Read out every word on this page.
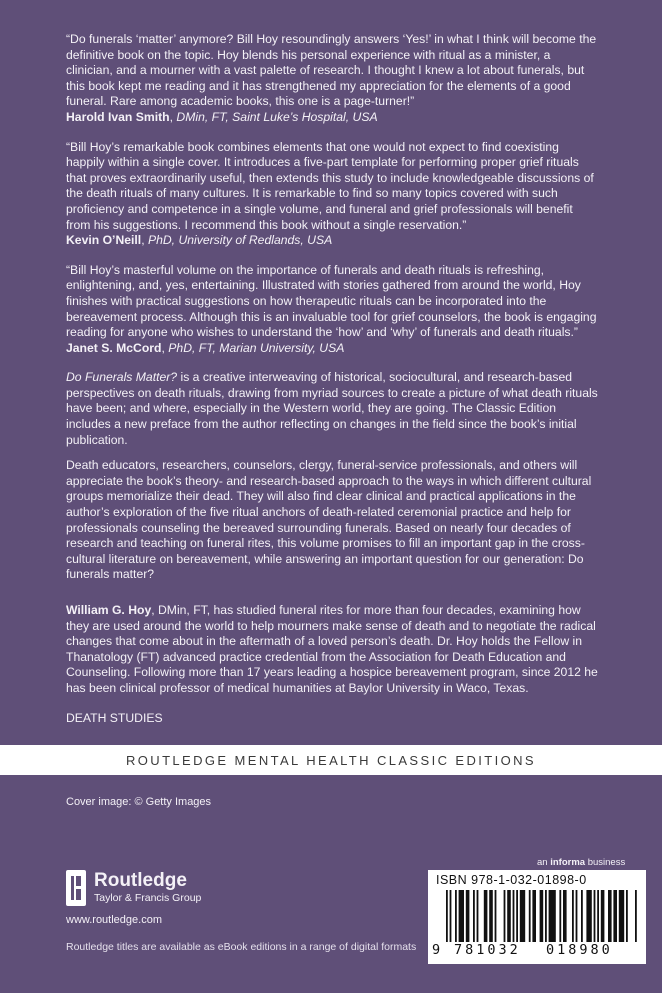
“Do funerals ‘matter’ anymore? Bill Hoy resoundingly answers ‘Yes!’ in what I think will become the definitive book on the topic. Hoy blends his personal experience with ritual as a minister, a clinician, and a mourner with a vast palette of research. I thought I knew a lot about funerals, but this book kept me reading and it has strengthened my appreciation for the elements of a good funeral. Rare among academic books, this one is a page-turner!”

Harold Ivan Smith, DMin, FT, Saint Luke’s Hospital, USA

“Bill Hoy’s remarkable book combines elements that one would not expect to find coexisting happily within a single cover. It introduces a five-part template for performing proper grief rituals that proves extraordinarily useful, then extends this study to include knowledgeable discussions of the death rituals of many cultures. It is remarkable to find so many topics covered with such proficiency and competence in a single volume, and funeral and grief professionals will benefit from his suggestions. I recommend this book without a single reservation.”

Kevin O’Neill, PhD, University of Redlands, USA

“Bill Hoy’s masterful volume on the importance of funerals and death rituals is refreshing, enlightening, and, yes, entertaining. Illustrated with stories gathered from around the world, Hoy finishes with practical suggestions on how therapeutic rituals can be incorporated into the bereavement process. Although this is an invaluable tool for grief counselors, the book is engaging reading for anyone who wishes to understand the ‘how’ and ‘why’ of funerals and death rituals.”

Janet S. McCord, PhD, FT, Marian University, USA

Do Funerals Matter? is a creative interweaving of historical, sociocultural, and research-based perspectives on death rituals, drawing from myriad sources to create a picture of what death rituals have been; and where, especially in the Western world, they are going. The Classic Edition includes a new preface from the author reflecting on changes in the field since the book’s initial publication.

Death educators, researchers, counselors, clergy, funeral-service professionals, and others will appreciate the book’s theory- and research-based approach to the ways in which different cultural groups memorialize their dead. They will also find clear clinical and practical applications in the author’s exploration of the five ritual anchors of death-related ceremonial practice and help for professionals counseling the bereaved surrounding funerals. Based on nearly four decades of research and teaching on funeral rites, this volume promises to fill an important gap in the cross-cultural literature on bereavement, while answering an important question for our generation: Do funerals matter?

William G. Hoy, DMin, FT, has studied funeral rites for more than four decades, examining how they are used around the world to help mourners make sense of death and to negotiate the radical changes that come about in the aftermath of a loved person’s death. Dr. Hoy holds the Fellow in Thanatology (FT) advanced practice credential from the Association for Death Education and Counseling. Following more than 17 years leading a hospice bereavement program, since 2012 he has been clinical professor of medical humanities at Baylor University in Waco, Texas.

DEATH STUDIES

ROUTLEDGE MENTAL HEALTH CLASSIC EDITIONS
Cover image: © Getty Images
Routledge
Taylor & Francis Group
www.routledge.com
Routledge titles are available as eBook editions in a range of digital formats
an informa business
ISBN 978-1-032-01898-0
9 781032 018980
